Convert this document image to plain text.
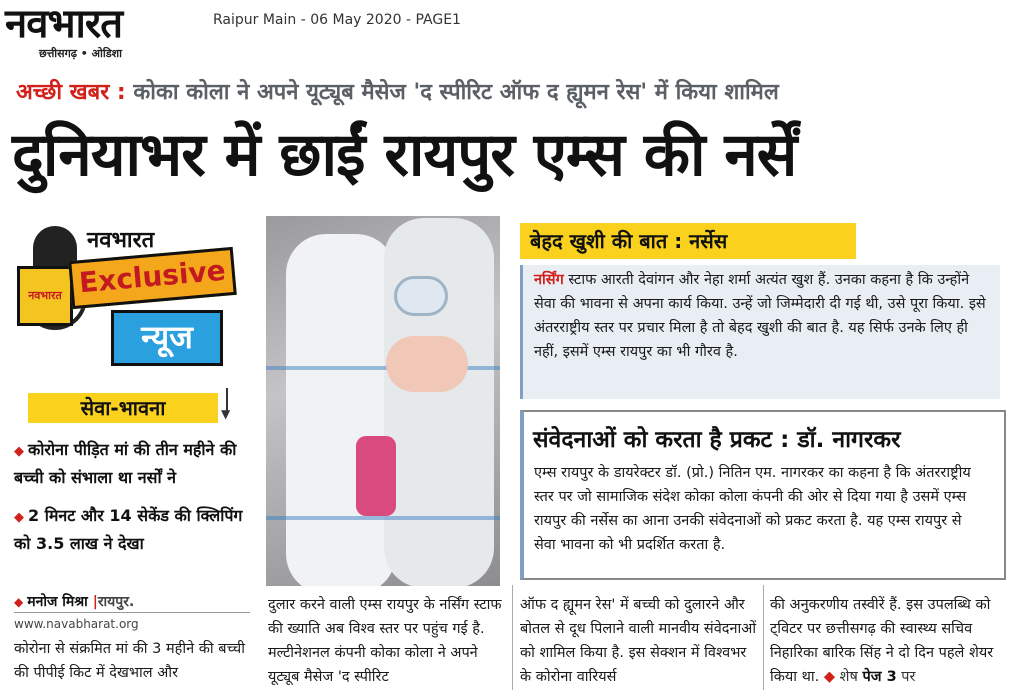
नवभारत
छत्तीसगढ़ • ओडिशा
Raipur Main - 06 May 2020 - PAGE1
अच्छी खबर : कोका कोला ने अपने यूट्यूब मैसेज 'द स्पीरिट ऑफ द ह्यूमन रेस' में किया शामिल
दुनियाभर में छाईं रायपुर एम्स की नर्सें
नवभारत
नवभारत
Exclusive
न्यूज
सेवा-भावना	▼
◆ कोरोना पीड़ित मां की तीन महीने की बच्ची को संभाला था नर्सों ने
◆ 2 मिनट और 14 सेकेंड की क्लिपिंग को 3.5 लाख ने देखा
◆ मनोज मिश्रा |रायपुर.
www.navabharat.org
कोरोना से संक्रमित मां की 3 महीने की बच्ची की पीपीई किट में देखभाल और
दुलार करने वाली एम्स रायपुर के नर्सिंग स्टाफ की ख्याति अब विश्व स्तर पर पहुंच गई है. मल्टीनेशनल कंपनी कोका कोला ने अपने यूट्यूब मैसेज 'द स्पीरिट
ऑफ द ह्यूमन रेस' में बच्ची को दुलारने और बोतल से दूध पिलाने वाली मानवीय संवेदनाओं को शामिल किया है. इस सेक्शन में विश्वभर के कोरोना वारियर्स
की अनुकरणीय तस्वीरें हैं. इस उपलब्धि को ट्विटर पर छत्तीसगढ़ की स्वास्थ्य सचिव निहारिका बारिक सिंह ने दो दिन पहले शेयर किया था. ◆ शेष पेज 3 पर
बेहद खुशी की बात : नर्सेस
नर्सिंग स्टाफ आरती देवांगन और नेहा शर्मा अत्यंत खुश हैं. उनका कहना है कि उन्होंने सेवा की भावना से अपना कार्य किया. उन्हें जो जिम्मेदारी दी गई थी, उसे पूरा किया. इसे अंतरराष्ट्रीय स्तर पर प्रचार मिला है तो बेहद खुशी की बात है. यह सिर्फ उनके लिए ही नहीं, इसमें एम्स रायपुर का भी गौरव है.
संवेदनाओं को करता है प्रकट : डॉ. नागरकर
एम्स रायपुर के डायरेक्टर डॉ. (प्रो.) नितिन एम. नागरकर का कहना है कि अंतरराष्ट्रीय स्तर पर जो सामाजिक संदेश कोका कोला कंपनी की ओर से दिया गया है उसमें एम्स रायपुर की नर्सेस का आना उनकी संवेदनाओं को प्रकट करता है. यह एम्स रायपुर से सेवा भावना को भी प्रदर्शित करता है.
